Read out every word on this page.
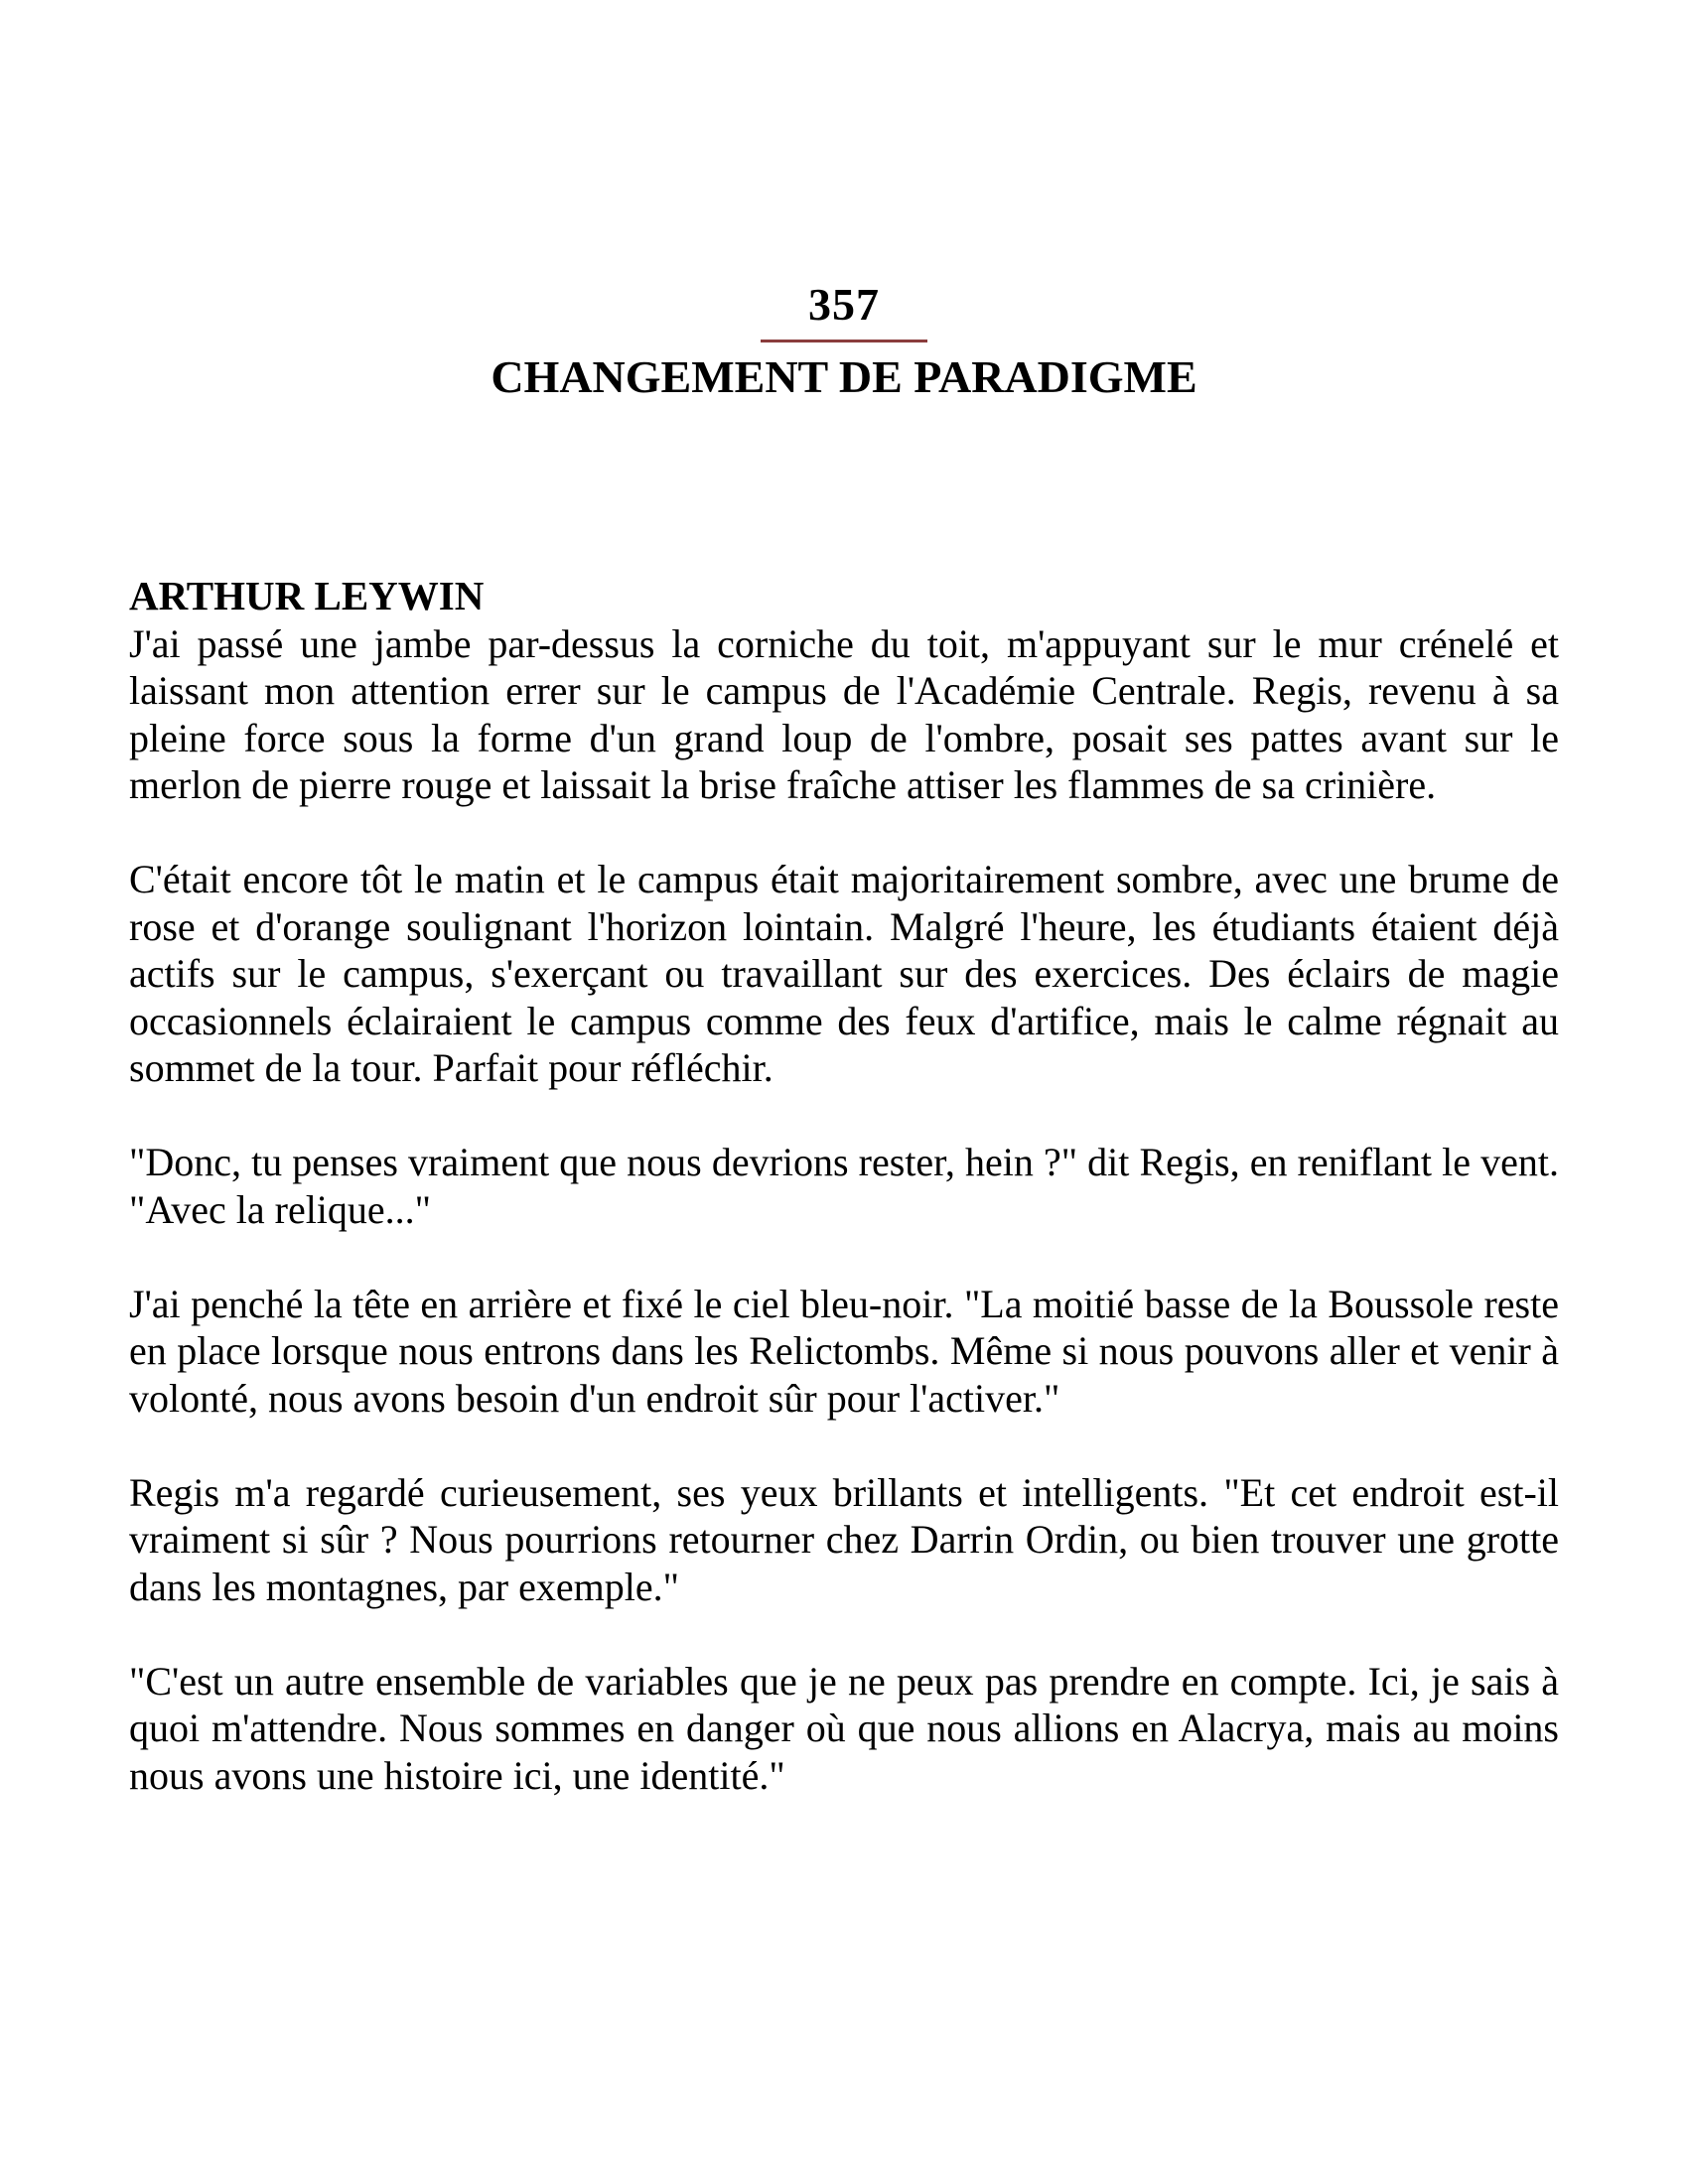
357
CHANGEMENT DE PARADIGME
ARTHUR LEYWIN

J'ai passé une jambe par-dessus la corniche du toit, m'appuyant sur le mur crénelé et laissant mon attention errer sur le campus de l'Académie Centrale. Regis, revenu à sa pleine force sous la forme d'un grand loup de l'ombre, posait ses pattes avant sur le merlon de pierre rouge et laissait la brise fraîche attiser les flammes de sa crinière.

C'était encore tôt le matin et le campus était majoritairement sombre, avec une brume de rose et d'orange soulignant l'horizon lointain. Malgré l'heure, les étudiants étaient déjà actifs sur le campus, s'exerçant ou travaillant sur des exercices. Des éclairs de magie occasionnels éclairaient le campus comme des feux d'artifice, mais le calme régnait au sommet de la tour. Parfait pour réfléchir.

"Donc, tu penses vraiment que nous devrions rester, hein ?" dit Regis, en reniflant le vent. "Avec la relique..."

J'ai penché la tête en arrière et fixé le ciel bleu-noir. "La moitié basse de la Boussole reste en place lorsque nous entrons dans les Relictombs. Même si nous pouvons aller et venir à volonté, nous avons besoin d'un endroit sûr pour l'activer."

Regis m'a regardé curieusement, ses yeux brillants et intelligents. "Et cet endroit est-il vraiment si sûr ? Nous pourrions retourner chez Darrin Ordin, ou bien trouver une grotte dans les montagnes, par exemple."

"C'est un autre ensemble de variables que je ne peux pas prendre en compte. Ici, je sais à quoi m'attendre. Nous sommes en danger où que nous allions en Alacrya, mais au moins nous avons une histoire ici, une identité."
